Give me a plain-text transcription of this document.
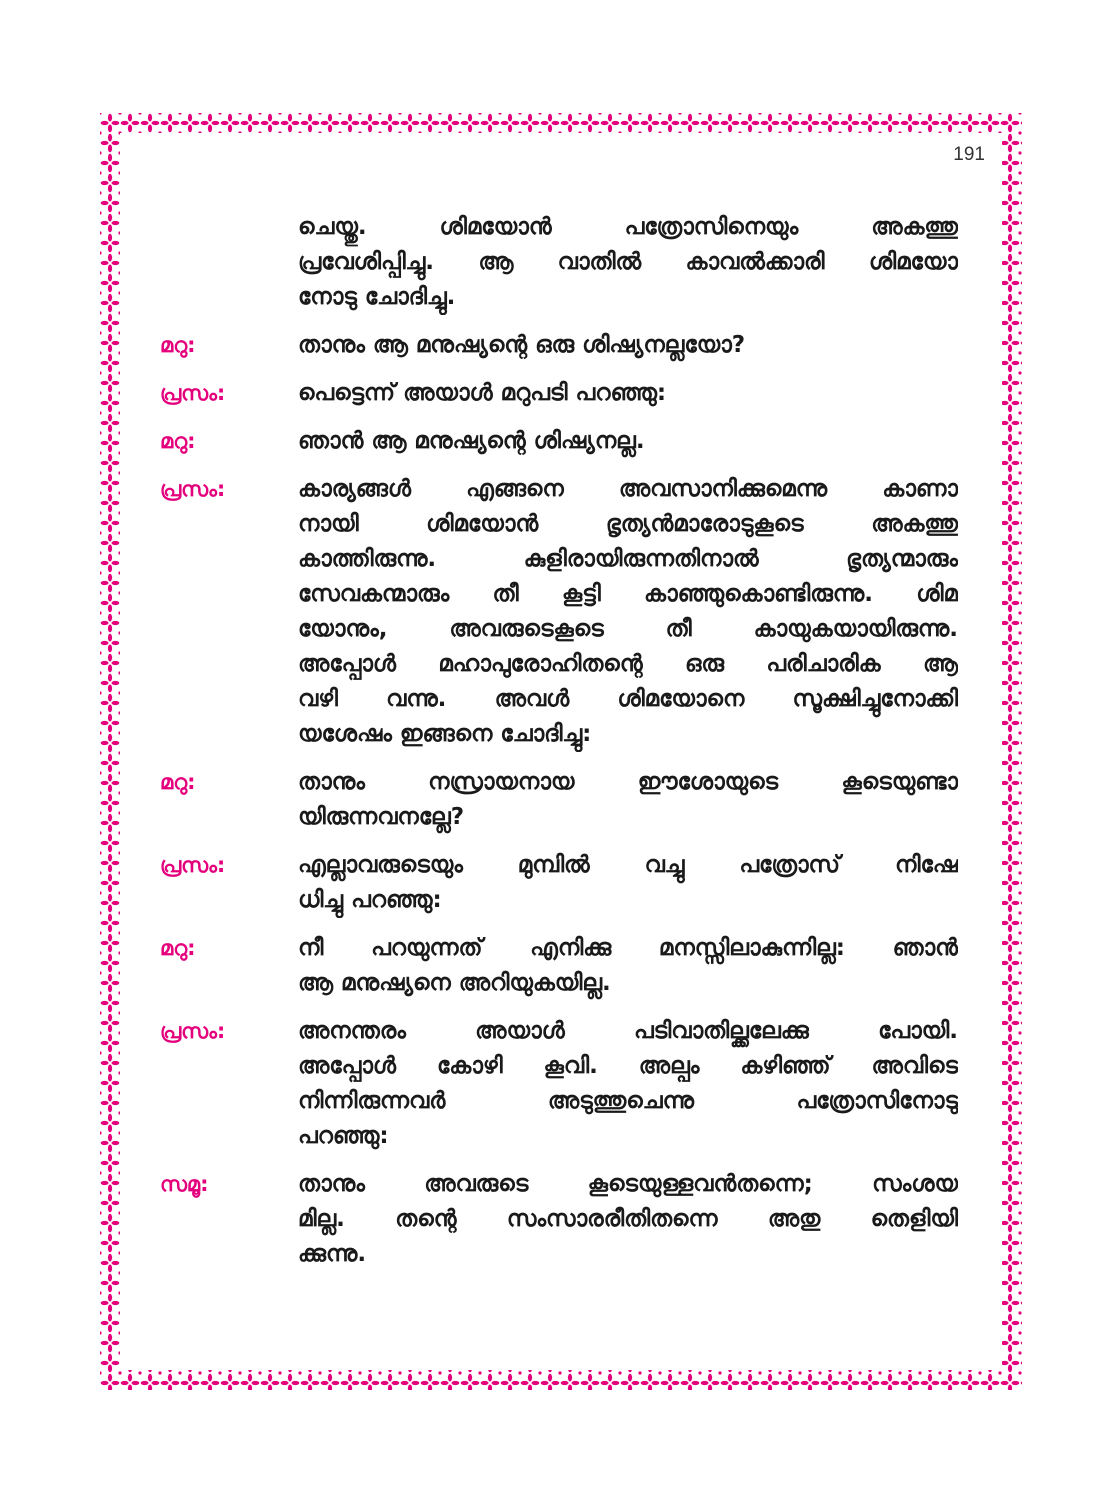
191
ചെയ്തു. ശിമയോൻ പത്രോസിനെയും അകത്തു
പ്രവേശിപ്പിച്ചു. ആ വാതിൽ കാവൽക്കാരി ശിമയോ
നോടു ചോദിച്ചു.
മറു:	താനും ആ മനുഷ്യന്റെ ഒരു ശിഷ്യനല്ലയോ?
പ്രസം:	പെട്ടെന്ന് അയാൾ മറുപടി പറഞ്ഞു:
മറു:	ഞാൻ ആ മനുഷ്യന്റെ ശിഷ്യനല്ല.
പ്രസം:	കാര്യങ്ങൾ എങ്ങനെ അവസാനിക്കുമെന്നു കാണാ
നായി ശിമയോൻ ഭൃത്യൻമാരോടുകൂടെ അകത്തു
കാത്തിരുന്നു. കുളിരായിരുന്നതിനാൽ ഭൃത്യന്മാരും
സേവകന്മാരും തീ കൂട്ടി കാഞ്ഞുകൊണ്ടിരുന്നു. ശിമ
യോനും, അവരുടെകൂടെ തീ കായുകയായിരുന്നു.
അപ്പോൾ മഹാപുരോഹിതന്റെ ഒരു പരിചാരിക ആ
വഴി വന്നു. അവൾ ശിമയോനെ സൂക്ഷിച്ചുനോക്കി
യശേഷം ഇങ്ങനെ ചോദിച്ചു:
മറു:	താനും നസ്രായനായ ഈശോയുടെ കൂടെയുണ്ടാ
യിരുന്നവനല്ലേ?
പ്രസം:	എല്ലാവരുടെയും മുമ്പിൽ വച്ചു പത്രോസ് നിഷേ
ധിച്ചു പറഞ്ഞു:
മറു:	നീ പറയുന്നത് എനിക്കു മനസ്സിലാകുന്നില്ല: ഞാൻ
ആ മനുഷ്യനെ അറിയുകയില്ല.
പ്രസം:	അനന്തരം അയാൾ പടിവാതില്ക്കലേക്കു പോയി.
അപ്പോൾ കോഴി കൂവി. അല്പം കഴിഞ്ഞ് അവിടെ
നിന്നിരുന്നവർ അടുത്തുചെന്നു പത്രോസിനോടു
പറഞ്ഞു:
സമൂ:	താനും അവരുടെ കൂടെയുള്ളവൻതന്നെ; സംശയ
മില്ല. തന്റെ സംസാരരീതിതന്നെ അതു തെളിയി
ക്കുന്നു.
